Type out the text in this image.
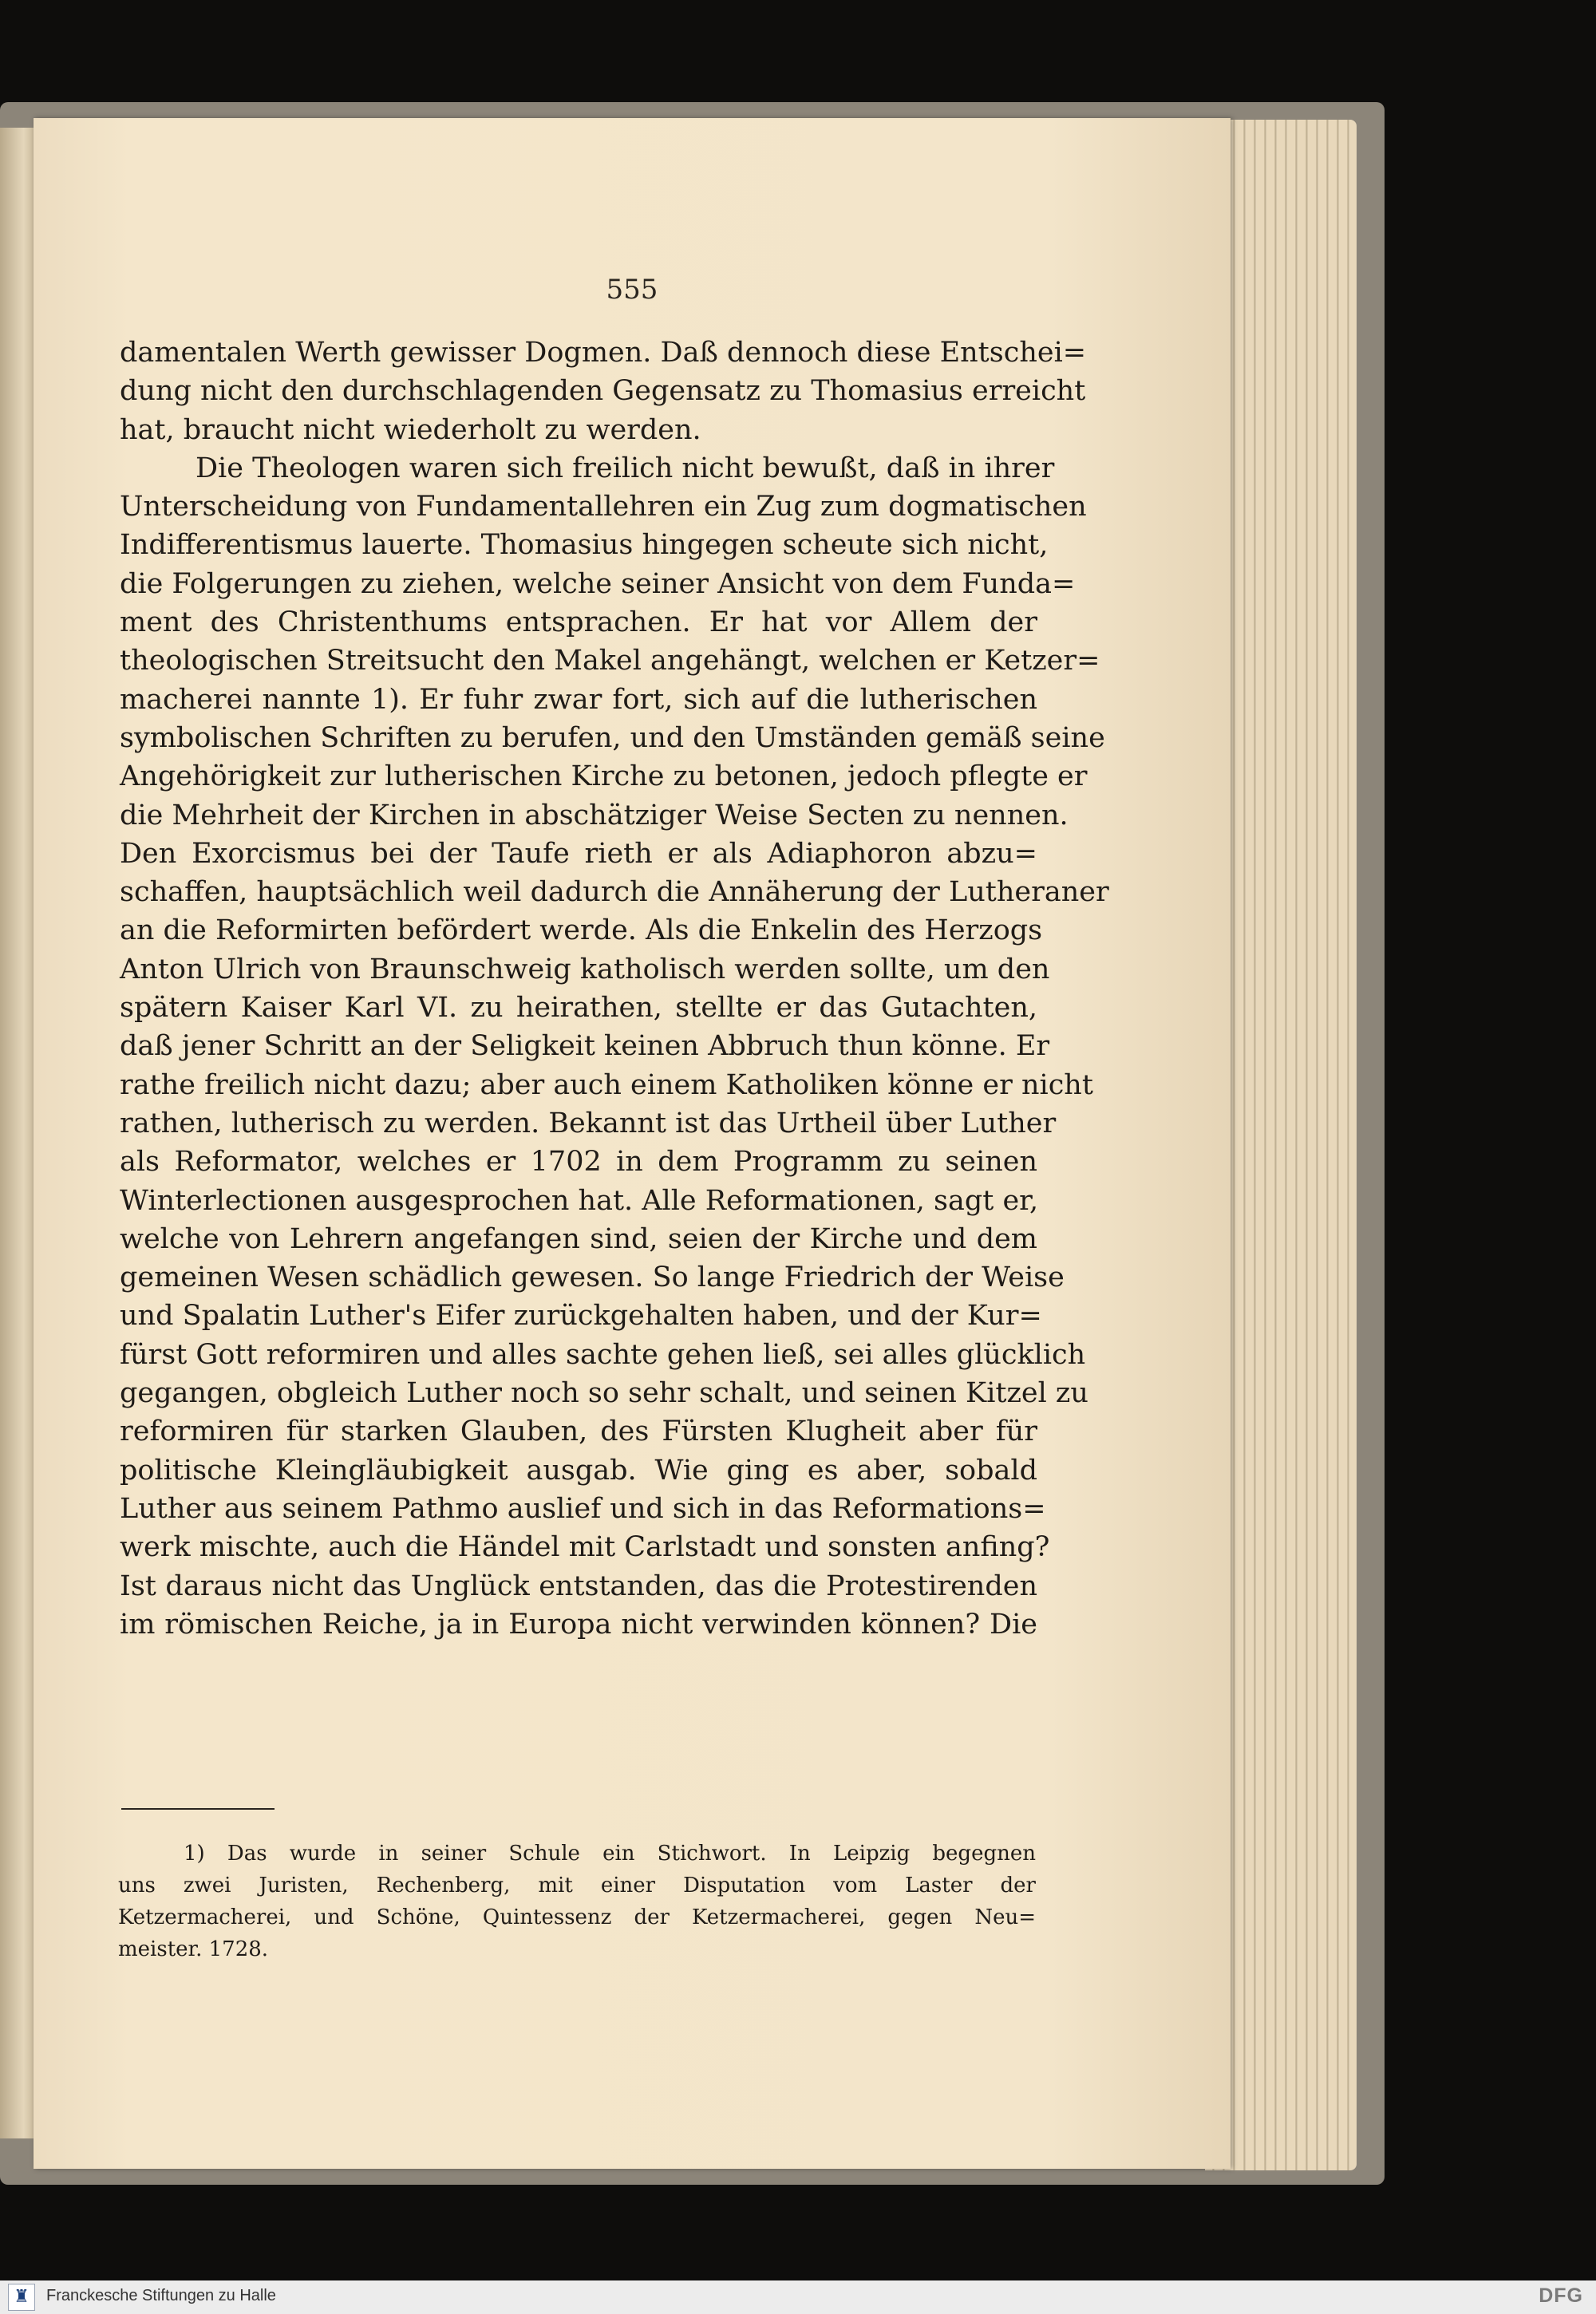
555

damentalen Werth gewisser Dogmen. Daß dennoch diese Entschei=
dung nicht den durchschlagenden Gegensatz zu Thomasius erreicht
hat, braucht nicht wiederholt zu werden.
Die Theologen waren sich freilich nicht bewußt, daß in ihrer
Unterscheidung von Fundamentallehren ein Zug zum dogmatischen
Indifferentismus lauerte. Thomasius hingegen scheute sich nicht,
die Folgerungen zu ziehen, welche seiner Ansicht von dem Funda=
ment des Christenthums entsprachen. Er hat vor Allem der
theologischen Streitsucht den Makel angehängt, welchen er Ketzer=
macherei nannte 1). Er fuhr zwar fort, sich auf die lutherischen
symbolischen Schriften zu berufen, und den Umständen gemäß seine
Angehörigkeit zur lutherischen Kirche zu betonen, jedoch pflegte er
die Mehrheit der Kirchen in abschätziger Weise Secten zu nennen.
Den Exorcismus bei der Taufe rieth er als Adiaphoron abzu=
schaffen, hauptsächlich weil dadurch die Annäherung der Lutheraner
an die Reformirten befördert werde. Als die Enkelin des Herzogs
Anton Ulrich von Braunschweig katholisch werden sollte, um den
spätern Kaiser Karl VI. zu heirathen, stellte er das Gutachten,
daß jener Schritt an der Seligkeit keinen Abbruch thun könne. Er
rathe freilich nicht dazu; aber auch einem Katholiken könne er nicht
rathen, lutherisch zu werden. Bekannt ist das Urtheil über Luther
als Reformator, welches er 1702 in dem Programm zu seinen
Winterlectionen ausgesprochen hat. Alle Reformationen, sagt er,
welche von Lehrern angefangen sind, seien der Kirche und dem
gemeinen Wesen schädlich gewesen. So lange Friedrich der Weise
und Spalatin Luther's Eifer zurückgehalten haben, und der Kur=
fürst Gott reformiren und alles sachte gehen ließ, sei alles glücklich
gegangen, obgleich Luther noch so sehr schalt, und seinen Kitzel zu
reformiren für starken Glauben, des Fürsten Klugheit aber für
politische Kleingläubigkeit ausgab. Wie ging es aber, sobald
Luther aus seinem Pathmo auslief und sich in das Reformations=
werk mischte, auch die Händel mit Carlstadt und sonsten anfing?
Ist daraus nicht das Unglück entstanden, das die Protestirenden
im römischen Reiche, ja in Europa nicht verwinden können? Die
1) Das wurde in seiner Schule ein Stichwort. In Leipzig begegnen
uns zwei Juristen, Rechenberg, mit einer Disputation vom Laster der
Ketzermacherei, und Schöne, Quintessenz der Ketzermacherei, gegen Neu=
meister. 1728.
♜	Franckesche Stiftungen zu Halle	DFG
